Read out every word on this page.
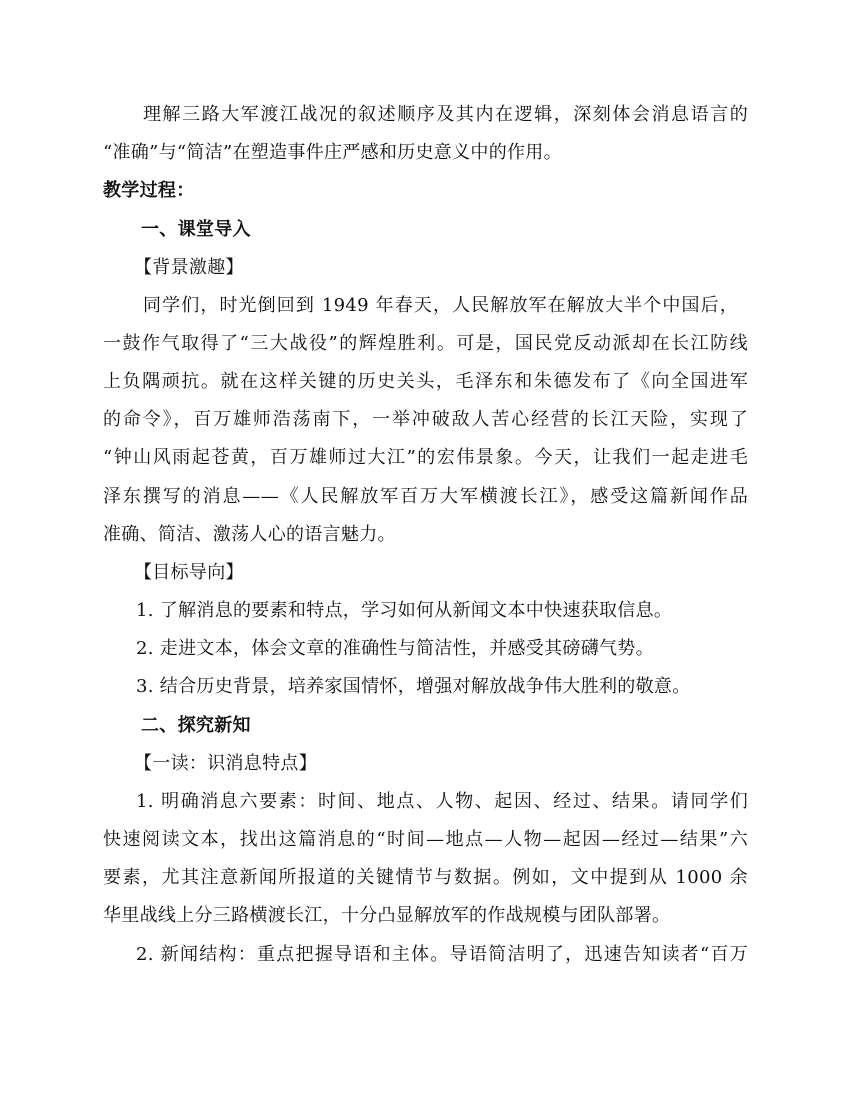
理解三路大军渡江战况的叙述顺序及其内在逻辑，深刻体会消息语言的
“准确”与“简洁”在塑造事件庄严感和历史意义中的作用。
教学过程：
一、课堂导入
【背景激趣】
同学们，时光倒回到 1949 年春天，人民解放军在解放大半个中国后，
一鼓作气取得了“三大战役”的辉煌胜利。可是，国民党反动派却在长江防线
上负隅顽抗。就在这样关键的历史关头，毛泽东和朱德发布了《向全国进军
的命令》，百万雄师浩荡南下，一举冲破敌人苦心经营的长江天险，实现了
“钟山风雨起苍黄，百万雄师过大江”的宏伟景象。今天，让我们一起走进毛
泽东撰写的消息——《人民解放军百万大军横渡长江》，感受这篇新闻作品
准确、简洁、激荡人心的语言魅力。
【目标导向】
1. 了解消息的要素和特点，学习如何从新闻文本中快速获取信息。
2. 走进文本，体会文章的准确性与简洁性，并感受其磅礴气势。
3. 结合历史背景，培养家国情怀，增强对解放战争伟大胜利的敬意。
二、探究新知
【一读：识消息特点】
1. 明确消息六要素：时间、地点、人物、起因、经过、结果。请同学们
快速阅读文本，找出这篇消息的“时间—地点—人物—起因—经过—结果”六
要素，尤其注意新闻所报道的关键情节与数据。例如，文中提到从 1000 余
华里战线上分三路横渡长江，十分凸显解放军的作战规模与团队部署。
2. 新闻结构：重点把握导语和主体。导语简洁明了，迅速告知读者“百万
